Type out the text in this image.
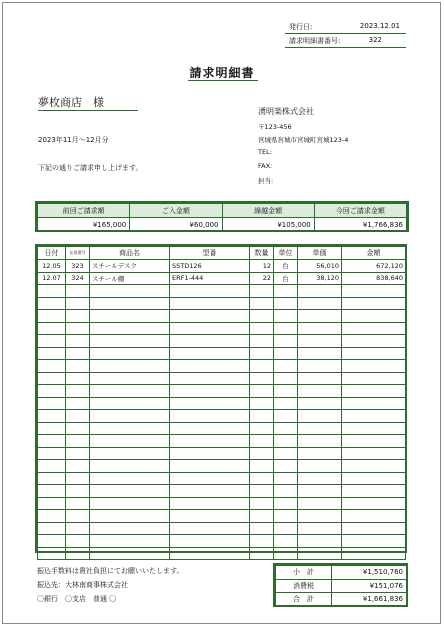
発行日:	2023.12.01
請求明細書番号:	322
請求明細書
夢枚商店　様
2023年11月～12月分
下記の通りご請求申し上げます。
湧明楽株式会社
〒123-456
宮城県宮城市宮城町宮城123-4
TEL:
FAX:
担当:
前回ご請求額	ご入金額	繰越金額	今回ご請求金額
¥165,000	¥60,000	¥105,000	¥1,766,836
日付	伝票番号	商品名	型番	数量	単位	単価	金額
12.05	323	スチールデスク	SSTD126	12	台	56,010	672,120
12.07	324	スチール棚	ERF1-444	22	台	38,120	838,640

振込手数料は貴社負担にてお願いいたします。
振込先：大林南商事株式会社
〇銀行　〇支店　普通 〇
小　計	¥1,510,760
消費税	¥151,076
合　計	¥1,661,836
